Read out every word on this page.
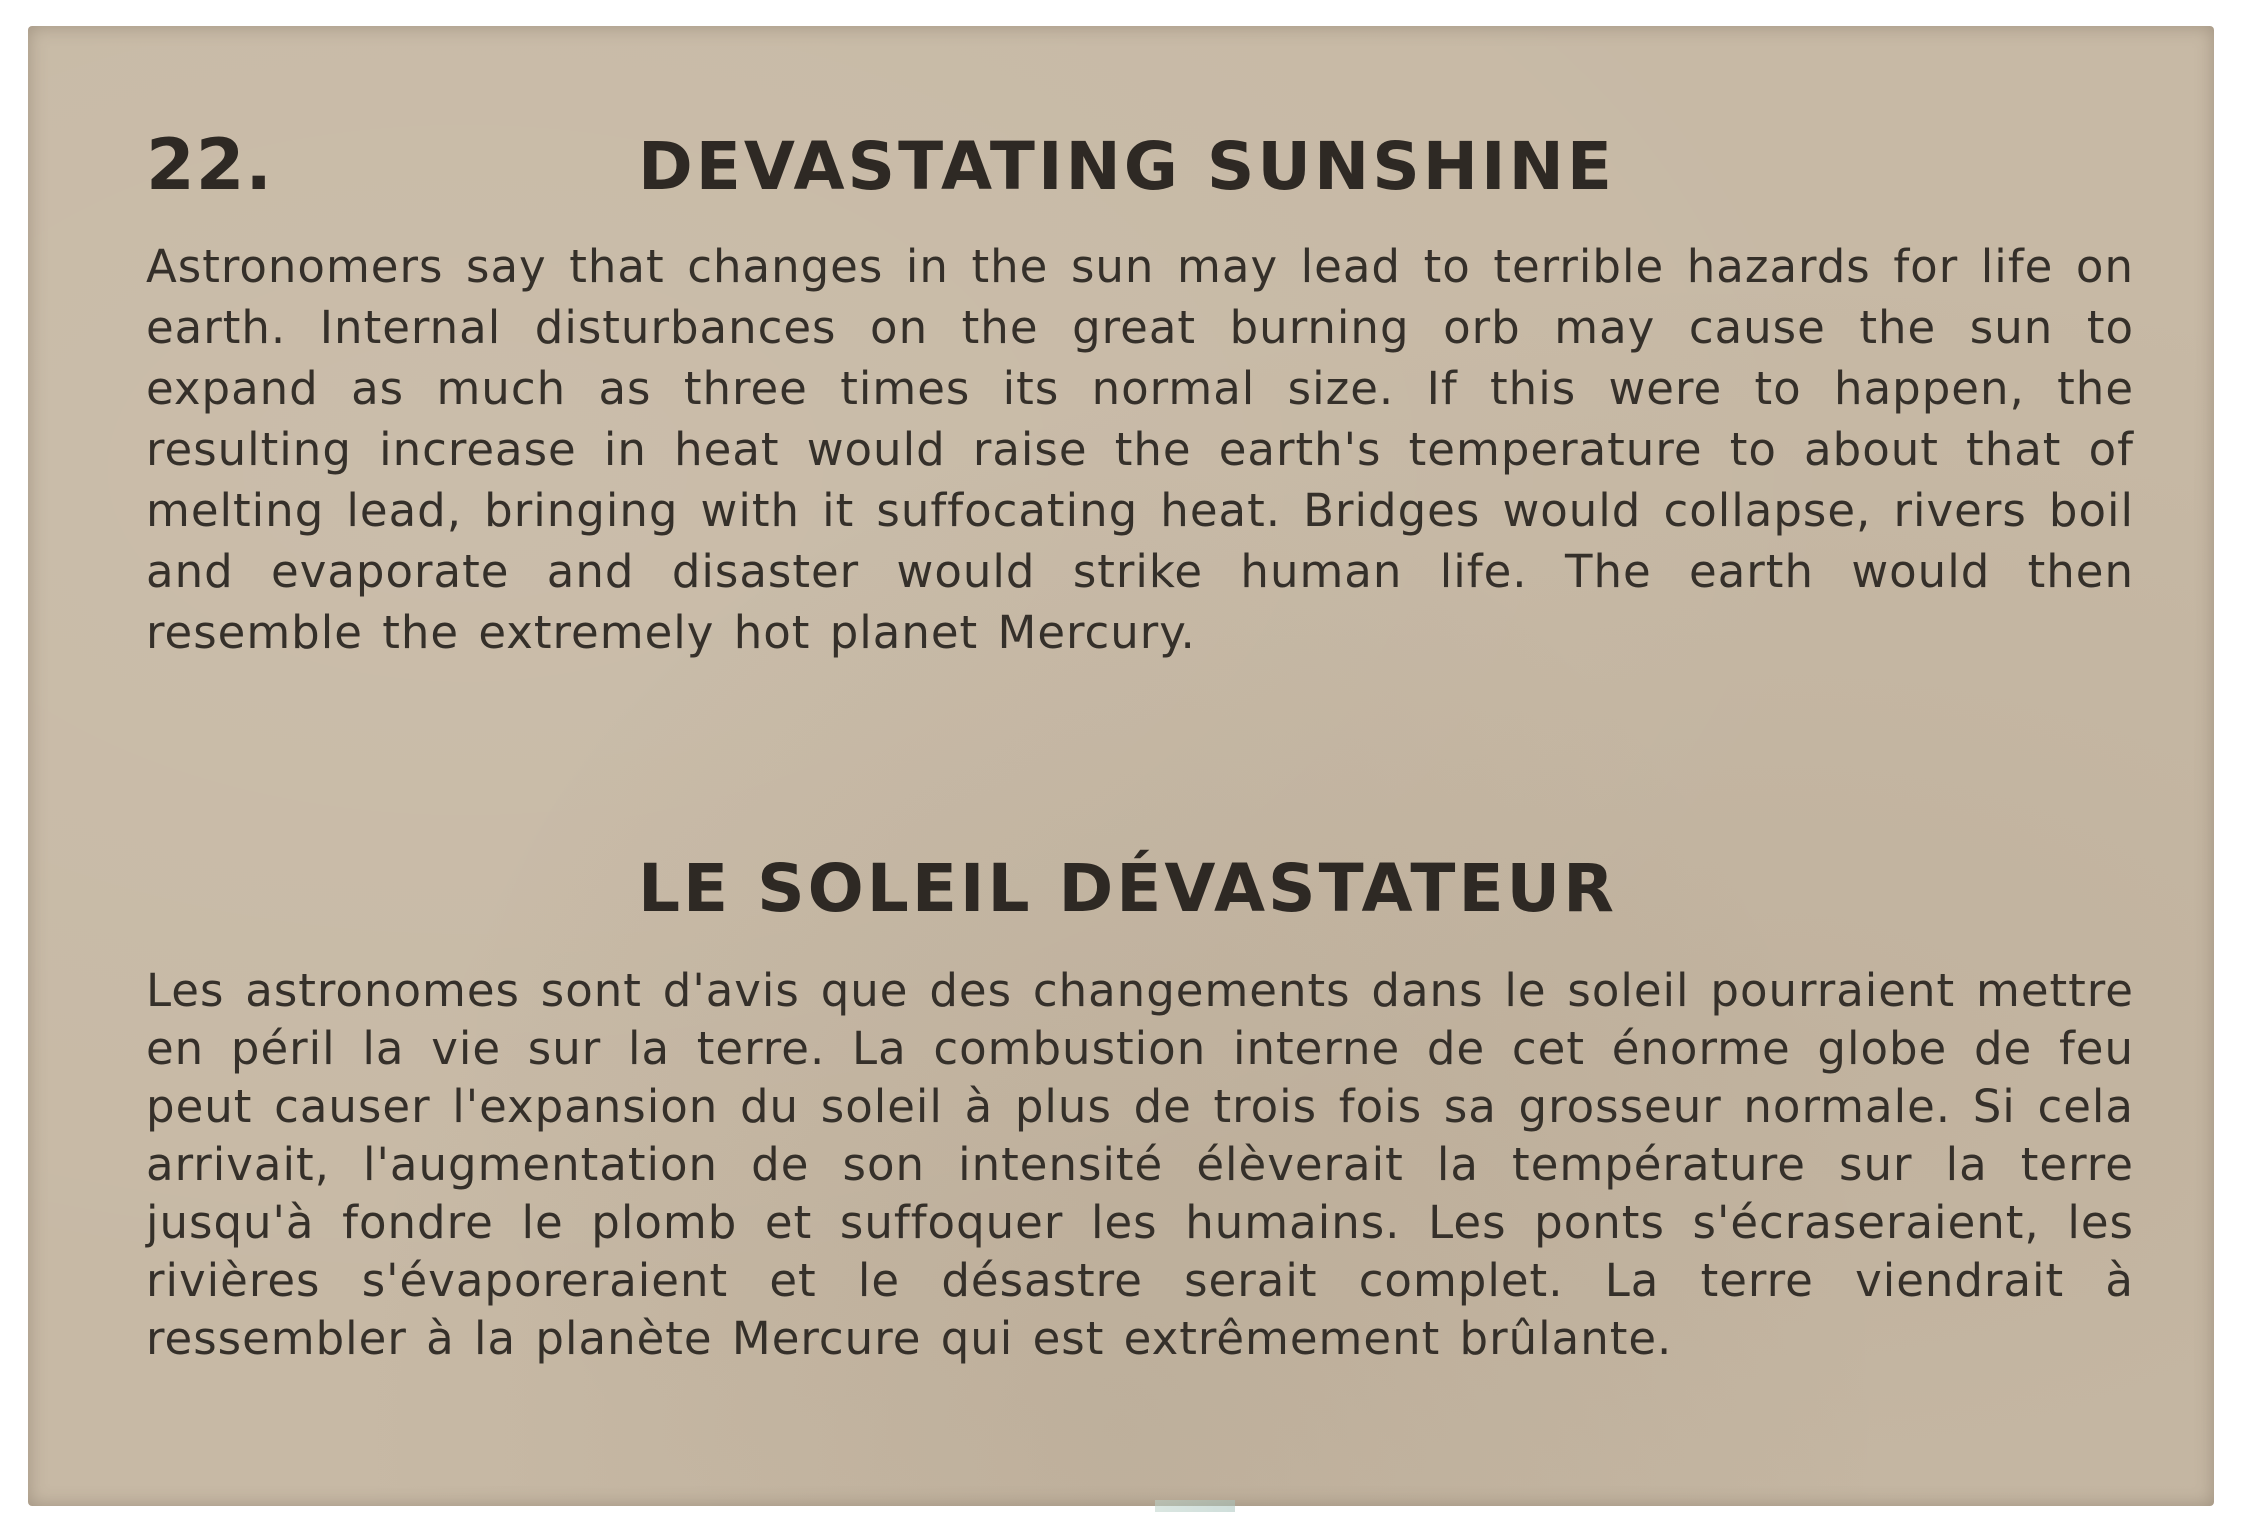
22.	DEVASTATING SUNSHINE

Astronomers say that changes in the sun may lead to terrible hazards for life on earth. Internal disturbances on the great burning orb may cause the sun to expand as much as three times its normal size. If this were to happen, the resulting increase in heat would raise the earth's temperature to about that of melting lead, bringing with it suffocating heat. Bridges would collapse, rivers boil and evaporate and disaster would strike human life. The earth would then resemble the extremely hot planet Mercury.

LE SOLEIL DÉVASTATEUR

Les astronomes sont d'avis que des changements dans le soleil pourraient mettre en péril la vie sur la terre. La combustion interne de cet énorme globe de feu peut causer l'expansion du soleil à plus de trois fois sa grosseur normale. Si cela arrivait, l'augmentation de son intensité élèverait la température sur la terre jusqu'à fondre le plomb et suffoquer les humains. Les ponts s'écraseraient, les rivières s'évaporeraient et le désastre serait complet. La terre viendrait à ressembler à la planète Mercure qui est extrêmement brûlante.
